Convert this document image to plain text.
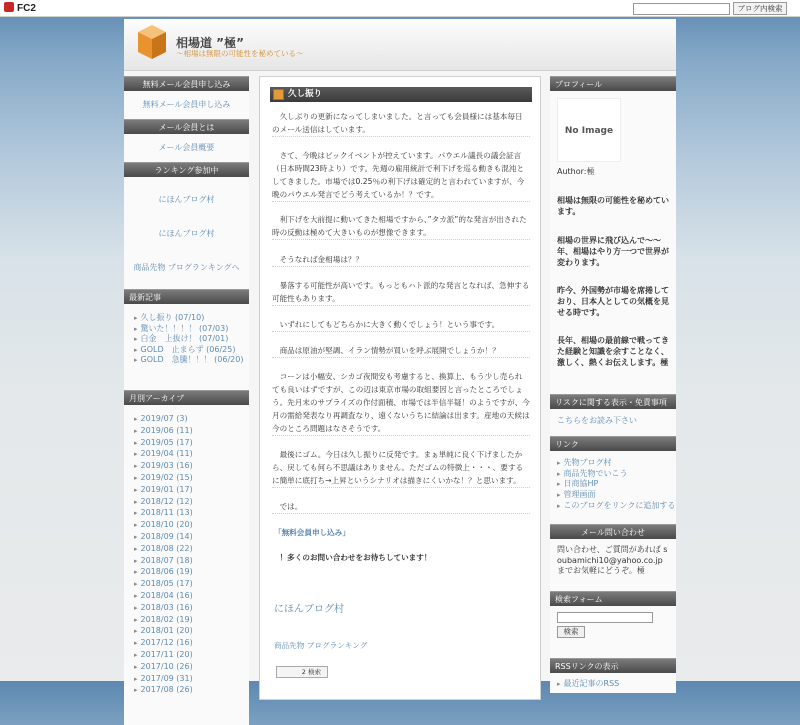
FC2	ブログ内検索
相場道 ”極”
～相場は無限の可能性を秘めている～
無料メール会員申し込み
無料メール会員申し込み
メール会員とは
メール会員概要
ランキング参加中
にほんブログ村
にほんブログ村
商品先物 ブログランキングへ
最新記事
▸ 久し振り (07/10)
▸ 驚いた！！！！ (07/03)
▸ 白金　上抜け！ (07/01)
▸ GOLD　止まらず (06/25)
▸ GOLD　急騰！！！ (06/20)
月別アーカイブ
▸ 2019/07 (3)
▸ 2019/06 (11)
▸ 2019/05 (17)
▸ 2019/04 (11)
▸ 2019/03 (16)
▸ 2019/02 (15)
▸ 2019/01 (17)
▸ 2018/12 (12)
▸ 2018/11 (13)
▸ 2018/10 (20)
▸ 2018/09 (14)
▸ 2018/08 (22)
▸ 2018/07 (18)
▸ 2018/06 (19)
▸ 2018/05 (17)
▸ 2018/04 (16)
▸ 2018/03 (16)
▸ 2018/02 (19)
▸ 2018/01 (20)
▸ 2017/12 (16)
▸ 2017/11 (20)
▸ 2017/10 (26)
▸ 2017/09 (31)
▸ 2017/08 (26)
久し振り
　久しぶりの更新になってしまいました。と言っても会員様には基本毎日のメール送信はしています。
　さて、今晩はビックイベントが控えています。パウエル議長の議会証言（日本時間23時より）です。先週の雇用統計で利下げを巡る動きも混沌としてきました。市場では0.25％の利下げは確定的と言われていますが、今晩のパウエル発言でどう考えているか！？です。
　利下げを大前提に動いてきた相場ですから、”タカ派”的な発言が出された時の反動は極めて大きいものが想像できます。
　そうなれば金相場は？？
　暴落する可能性が高いです。もっともハト派的な発言となれば、急伸する可能性もあります。
　いずれにしてもどちらかに大きく動くでしょう！という事です。
　商品は原油が堅調、イラン情勢が買いを呼ぶ展開でしょうか！？
　コーンは小幅安、シカゴ夜間安も考慮すると、換算上、もう少し売られても良いはずですが、この辺は東京市場の取組要因と言ったところでしょう。先月末のサプライズの作付面積、市場では半信半疑！のようですが、今月の需給発表なり再調査なり、遠くないうちに結論は出ます。産地の天候は今のところ問題はなさそうです。
　最後にゴム。今日は久し振りに反発です。まぁ単純に良く下げましたから、戻しても何ら不思議はありません。ただゴムの特徴上・・・、要するに簡単に底打ち→上昇というシナリオは描きにくいかな！？と思います。
　では。
「無料会員申し込み」
　！多くのお問い合わせをお待ちしています！
にほんブログ村
商品先物 ブログランキング
2 検索
プロフィール
No Image
Author:極
相場は無限の可能性を秘めています。
相場の世界に飛び込んで〜〜年、相場はやり方一つで世界が変わります。
昨今、外国勢が市場を席捲しており、日本人としての気概を見せる時です。
長年、相場の最前線で戦ってきた経験と知識を余すことなく、激しく、熱くお伝えします。極
リスクに関する表示・免責事項
こちらをお読み下さい
リンク
▸ 先物ブログ村
▸ 商品先物でいこう
▸ 日商協HP
▸ 管理画面
▸ このブログをリンクに追加する
メール問い合わせ
問い合わせ、ご質問があれば soubamichi10@yahoo.co.jp までお気軽にどうぞ。極
検索フォーム
検索
RSSリンクの表示
▸ 最近記事のRSS
